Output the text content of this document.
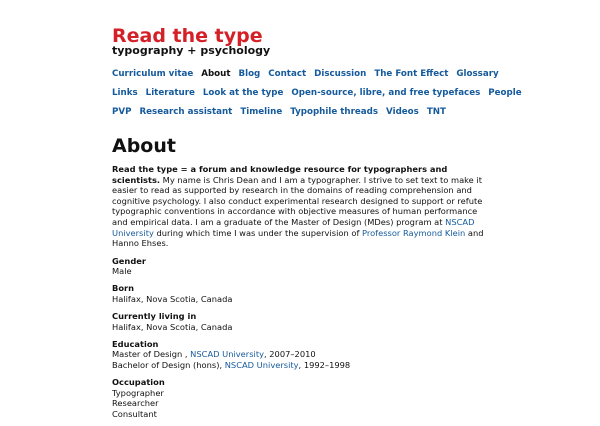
Read the type
typography + psychology
Curriculum vitae About Blog Contact Discussion The Font Effect Glossary
Links Literature Look at the type Open-source, libre, and free typefaces People
PVP Research assistant Timeline Typophile threads Videos TNT
About

Read the type = a forum and knowledge resource for typographers and scientists. My name is Chris Dean and I am a typographer. I strive to set text to make it easier to read as supported by research in the domains of reading comprehension and cognitive psychology. I also conduct experimental research designed to support or refute typographic conventions in accordance with objective measures of human performance and empirical data. I am a graduate of the Master of Design (MDes) program at NSCAD University during which time I was under the supervision of Professor Raymond Klein and Hanno Ehses.

Gender
Male
Born
Halifax, Nova Scotia, Canada
Currently living in
Halifax, Nova Scotia, Canada
Education
Master of Design , NSCAD University, 2007–2010
Bachelor of Design (hons), NSCAD University, 1992–1998
Occupation
Typographer
Researcher
Consultant
